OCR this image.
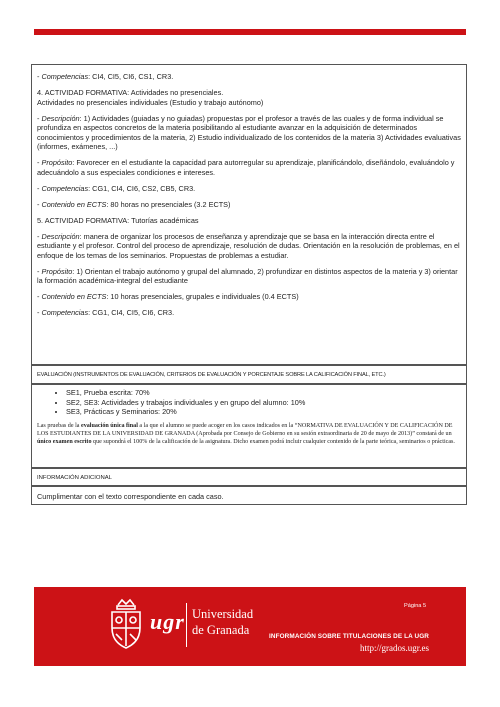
- Competencias: CI4, CI5, CI6, CS1, CR3.

4. ACTIVIDAD FORMATIVA: Actividades no presenciales.
Actividades no presenciales individuales (Estudio y trabajo autónomo)

- Descripción: 1) Actividades (guiadas y no guiadas) propuestas por el profesor a través de las cuales y de forma individual se profundiza en aspectos concretos de la materia posibilitando al estudiante avanzar en la adquisición de determinados conocimientos y procedimientos de la materia, 2) Estudio individualizado de los contenidos de la materia 3) Actividades evaluativas (informes, exámenes, ...)

- Propósito: Favorecer en el estudiante la capacidad para autorregular su aprendizaje, planificándolo, diseñándolo, evaluándolo y adecuándolo a sus especiales condiciones e intereses.

- Competencias: CG1, CI4, CI6, CS2, CB5, CR3.

- Contenido en ECTS: 80 horas no presenciales (3.2 ECTS)

5. ACTIVIDAD FORMATIVA: Tutorías académicas

- Descripción: manera de organizar los procesos de enseñanza y aprendizaje que se basa en la interacción directa entre el estudiante y el profesor. Control del proceso de aprendizaje, resolución de dudas. Orientación en la resolución de problemas, en el enfoque de los temas de los seminarios. Propuestas de problemas a estudiar.

- Propósito: 1) Orientan el trabajo autónomo y grupal del alumnado, 2) profundizar en distintos aspectos de la materia y 3) orientar la formación académica-integral del estudiante

- Contenido en ECTS: 10 horas presenciales, grupales e individuales (0.4 ECTS)

- Competencias: CG1, CI4, CI5, CI6, CR3.

EVALUACIÓN (INSTRUMENTOS DE EVALUACIÓN, CRITERIOS DE EVALUACIÓN Y PORCENTAJE SOBRE LA CALIFICACIÓN FINAL, ETC.)
• SE1, Prueba escrita: 70%
• SE2, SE3: Actividades y trabajos individuales y en grupo del alumno: 10%
• SE3, Prácticas y Seminarios: 20%

Las pruebas de la evaluación única final a la que el alumno se puede acoger en los casos indicados en la “NORMATIVA DE EVALUACIÓN Y DE CALIFICACIÓN DE LOS ESTUDIANTES DE LA UNIVERSIDAD DE GRANADA (Aprobada por Consejo de Gobierno en su sesión extraordinaria de 20 de mayo de 2013)” constará de un único examen escrito que supondrá el 100% de la calificación de la asignatura. Dicho examen podrá incluir cualquier contenido de la parte teórica, seminarios o prácticas.

INFORMACIÓN ADICIONAL
Cumplimentar con el texto correspondiente en cada caso.
ugr Universidad
de Granada
Página 5
INFORMACIÓN SOBRE TITULACIONES DE LA UGR
http://grados.ugr.es
